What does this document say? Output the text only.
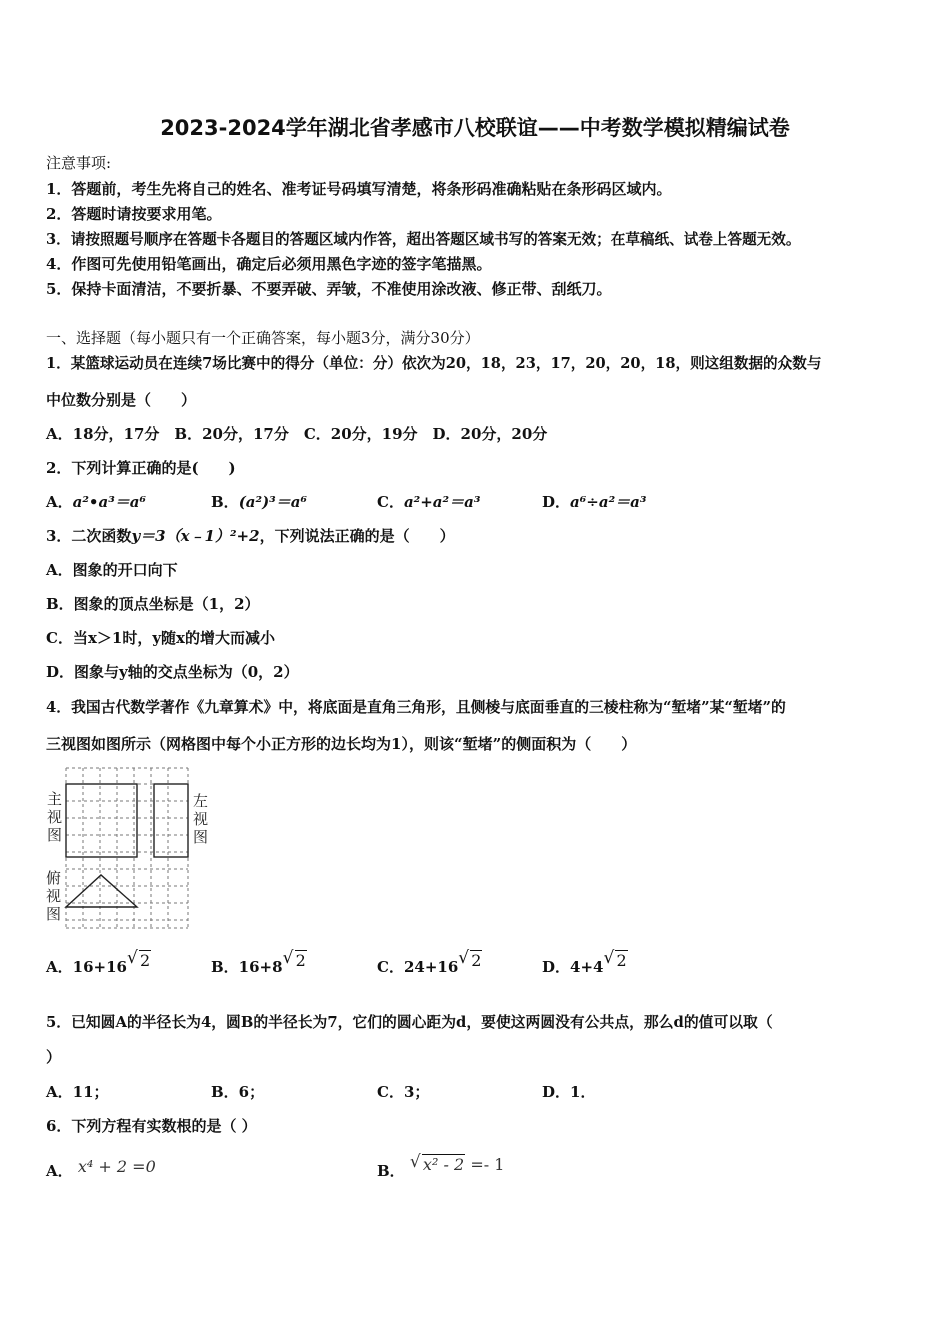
2023-2024学年湖北省孝感市八校联谊——中考数学模拟精编试卷
注意事项:
1．答题前，考生先将自己的姓名、准考证号码填写清楚，将条形码准确粘贴在条形码区域内。
2．答题时请按要求用笔。
3．请按照题号顺序在答题卡各题目的答题区域内作答，超出答题区域书写的答案无效；在草稿纸、试卷上答题无效。
4．作图可先使用铅笔画出，确定后必须用黑色字迹的签字笔描黑。
5．保持卡面清洁，不要折暴、不要弄破、弄皱，不准使用涂改液、修正带、刮纸刀。
一、选择题（每小题只有一个正确答案，每小题3分，满分30分）
1．某篮球运动员在连续7场比赛中的得分（单位：分）依次为20，18，23，17，20，20，18，则这组数据的众数与
中位数分别是（　　）
A．18分，17分　B．20分，17分　C．20分，19分　D．20分，20分
2．下列计算正确的是(　　)
A．a²•a³＝a⁶	B．(a²)³＝a⁶	C．a²+a²＝a³	D．a⁶÷a²＝a³
3．二次函数y＝3（x﹣1）²+2，下列说法正确的是（　　）
A．图象的开口向下
B．图象的顶点坐标是（1，2）
C．当x＞1时，y随x的增大而减小
D．图象与y轴的交点坐标为（0，2）
4．我国古代数学著作《九章算术》中，将底面是直角三角形，且侧棱与底面垂直的三棱柱称为“堑堵”某“堑堵”的
三视图如图所示（网格图中每个小正方形的边长均为1），则该“堑堵”的侧面积为（　　）
主
视
图
左
视
图
俯
视
图
A．16+16 √ 2	B．16+8 √ 2	C．24+16 √ 2	D．4+4 √ 2
5．已知圆A的半径长为4，圆B的半径长为7，它们的圆心距为d，要使这两圆没有公共点，那么d的值可以取（
）
A．11；	B．6；	C．3；	D．1．
6．下列方程有实数根的是（ ）
A． x⁴ + 2 =0	B． √ x² - 2 =- 1
